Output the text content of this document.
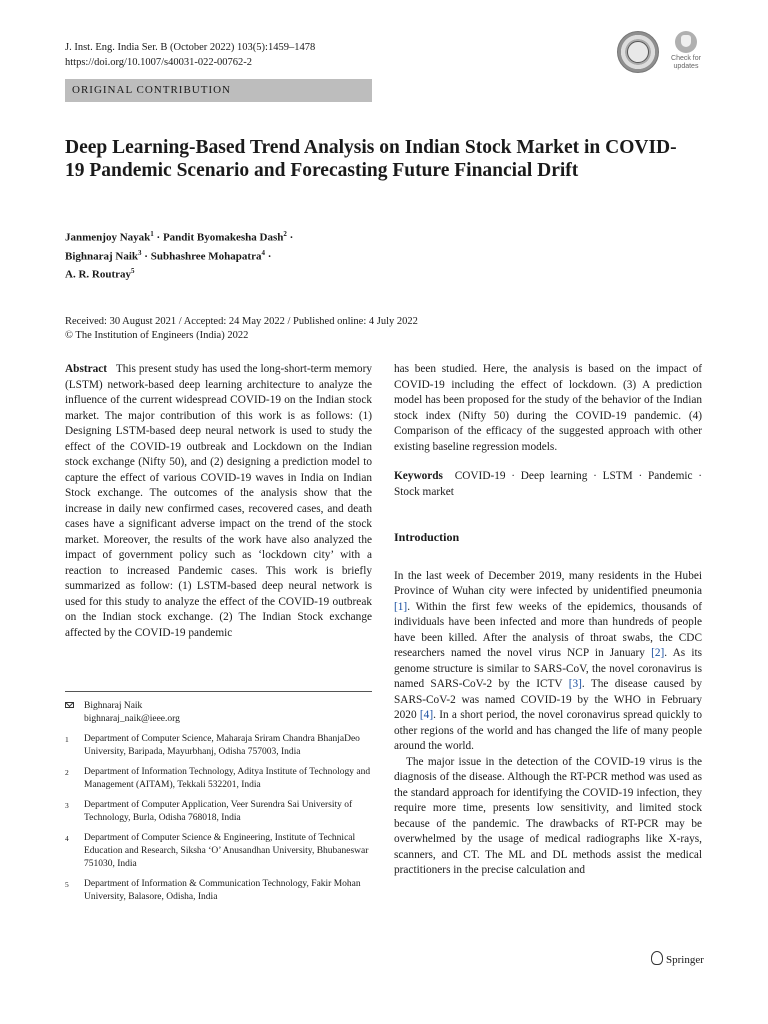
J. Inst. Eng. India Ser. B (October 2022) 103(5):1459–1478
https://doi.org/10.1007/s40031-022-00762-2	Check for
updates
ORIGINAL CONTRIBUTION
Deep Learning-Based Trend Analysis on Indian Stock Market in COVID-19 Pandemic Scenario and Forecasting Future Financial Drift
Janmenjoy Nayak$^1$ · Pandit Byomakesha Dash$^2$ ·
Bighnaraj Naik$^3$ · Subhashree Mohapatra$^4$ ·
A. R. Routray$^5$
Received: 30 August 2021 / Accepted: 24 May 2022 / Published online: 4 July 2022
© The Institution of Engineers (India) 2022
Abstract This present study has used the long-short-term memory (LSTM) network-based deep learning architecture to analyze the influence of the current widespread COVID-19 on the Indian stock market. The major contribution of this work is as follows: (1) Designing LSTM-based deep neural network is used to study the effect of the COVID-19 outbreak and Lockdown on the Indian stock exchange (Nifty 50), and (2) designing a prediction model to capture the effect of various COVID-19 waves in India on Indian Stock exchange. The outcomes of the analysis show that the increase in daily new confirmed cases, recovered cases, and death cases have a significant adverse impact on the trend of the stock market. Moreover, the results of the work have also analyzed the impact of government policy such as ‘lockdown city’ with a reaction to increased Pandemic cases. This work is briefly summarized as follow: (1) LSTM-based deep neural network is used for this study to analyze the effect of the COVID-19 outbreak on the Indian stock exchange. (2) The Indian Stock exchange affected by the COVID-19 pandemic
Bighnaraj Naik
bighnaraj_naik@ieee.org
1 Department of Computer Science, Maharaja Sriram Chandra BhanjaDeo University, Baripada, Mayurbhanj, Odisha 757003, India
2 Department of Information Technology, Aditya Institute of Technology and Management (AITAM), Tekkali 532201, India
3 Department of Computer Application, Veer Surendra Sai University of Technology, Burla, Odisha 768018, India
4 Department of Computer Science & Engineering, Institute of Technical Education and Research, Siksha ‘O’ Anusandhan University, Bhubaneswar 751030, India
5 Department of Information & Communication Technology, Fakir Mohan University, Balasore, Odisha, India
has been studied. Here, the analysis is based on the impact of COVID-19 including the effect of lockdown. (3) A prediction model has been proposed for the study of the behavior of the Indian stock index (Nifty 50) during the COVID-19 pandemic. (4) Comparison of the efficacy of the suggested approach with other existing baseline regression models.
Keywords COVID-19 · Deep learning · LSTM · Pandemic · Stock market
Introduction

In the last week of December 2019, many residents in the Hubei Province of Wuhan city were infected by unidentified pneumonia [1]. Within the first few weeks of the epidemics, thousands of individuals have been infected and more than hundreds of people have been killed. After the analysis of throat swabs, the CDC researchers named the novel virus NCP in January [2]. As its genome structure is similar to SARS-CoV, the novel coronavirus is named SARS-CoV-2 by the ICTV [3]. The disease caused by SARS-CoV-2 was named COVID-19 by the WHO in February 2020 [4]. In a short period, the novel coronavirus spread quickly to other regions of the world and has changed the life of many people around the world.

The major issue in the detection of the COVID-19 virus is the diagnosis of the disease. Although the RT-PCR method was used as the standard approach for identifying the COVID-19 infection, they require more time, presents low sensitivity, and limited stock because of the pandemic. The drawbacks of RT-PCR may be overwhelmed by the usage of medical radiographs like X-rays, scanners, and CT. The ML and DL methods assist the medical practitioners in the precise calculation and

Springer
